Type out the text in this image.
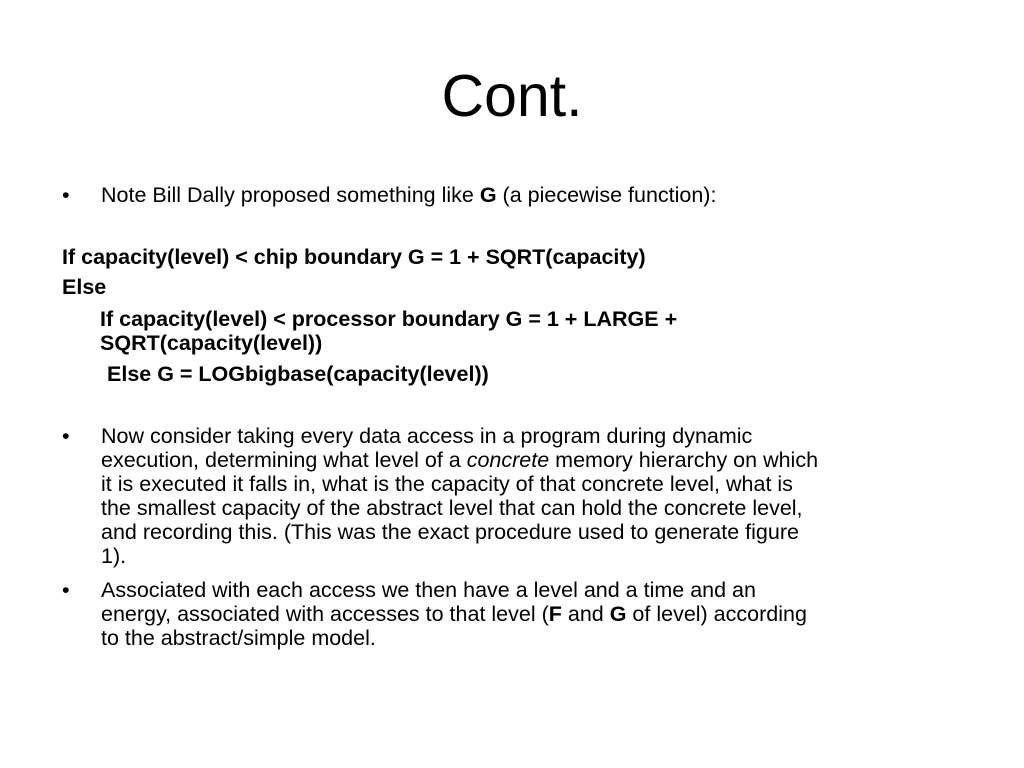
Cont.
• Note Bill Dally proposed something like G (a piecewise function):
If capacity(level) < chip boundary G = 1 + SQRT(capacity)
Else
If capacity(level) < processor boundary G = 1 + LARGE +
SQRT(capacity(level))
Else G = LOGbigbase(capacity(level))
• Now consider taking every data access in a program during dynamic
execution, determining what level of a concrete memory hierarchy on which
it is executed it falls in, what is the capacity of that concrete level, what is
the smallest capacity of the abstract level that can hold the concrete level,
and recording this. (This was the exact procedure used to generate figure
1).
• Associated with each access we then have a level and a time and an
energy, associated with accesses to that level (F and G of level) according
to the abstract/simple model.
